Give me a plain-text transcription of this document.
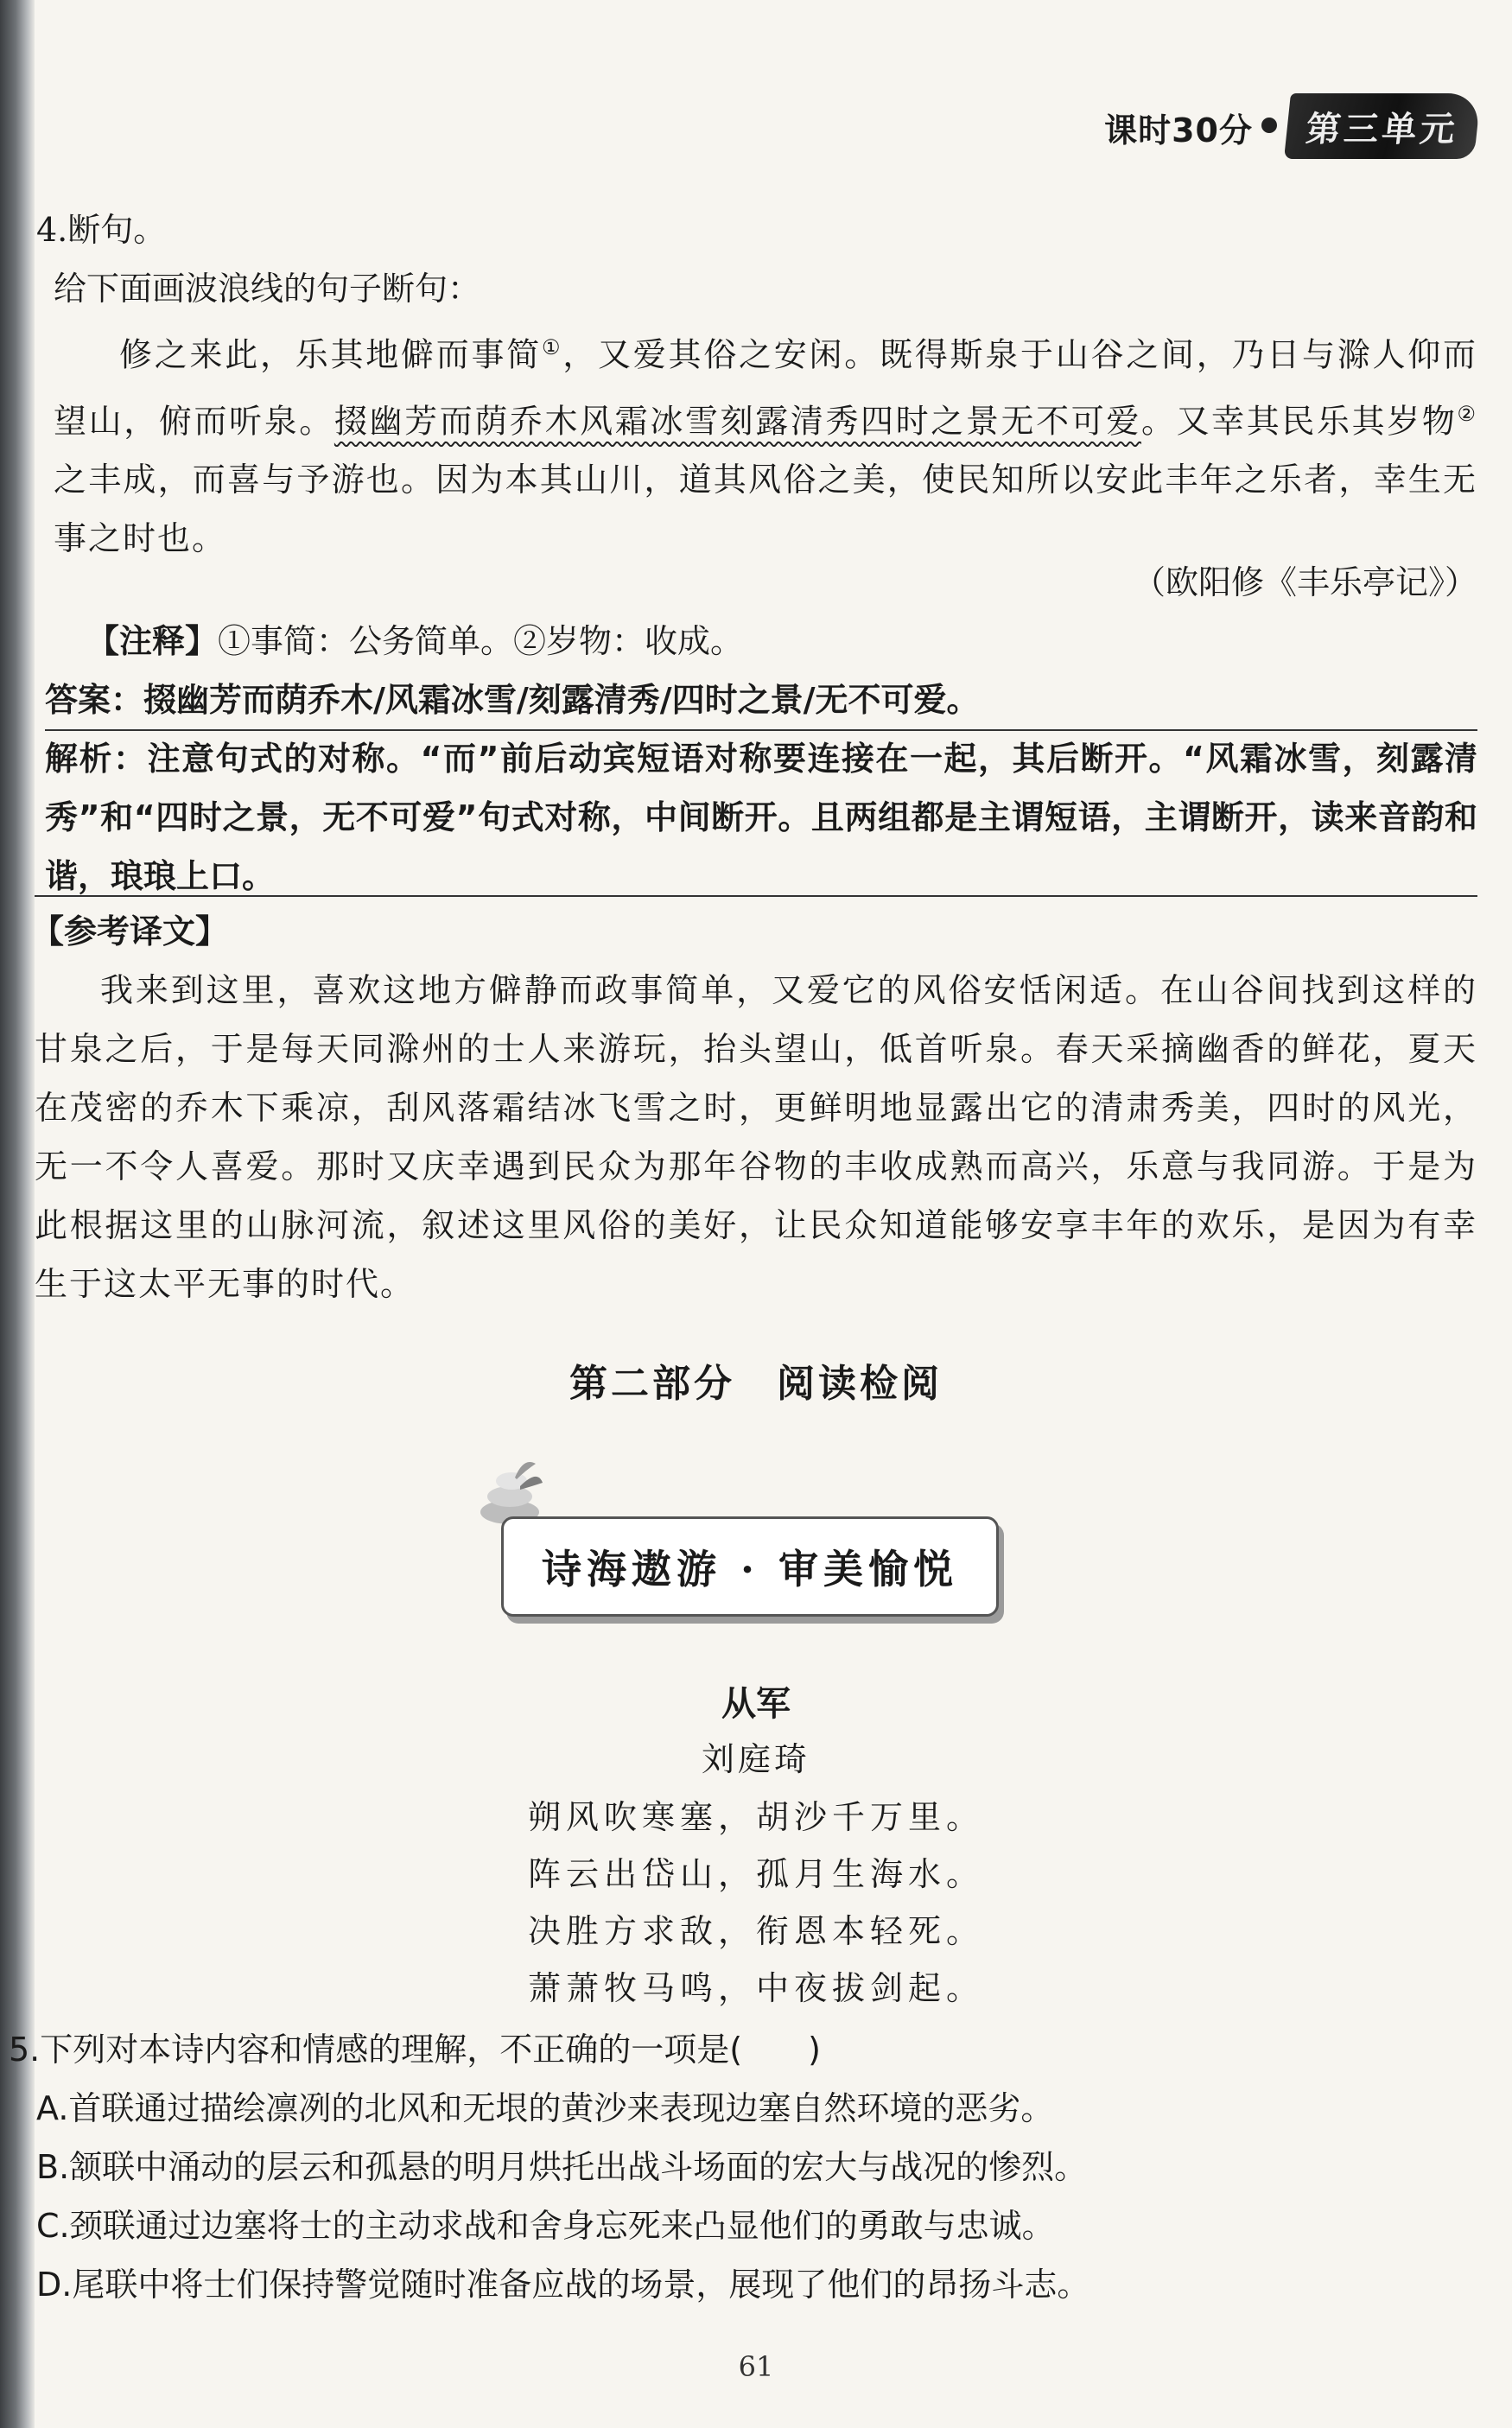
课时30分	第三单元
4.断句。
给下面画波浪线的句子断句：
修之来此，乐其地僻而事简①，又爱其俗之安闲。既得斯泉于山谷之间，乃日与滁人仰而望山，俯而听泉。掇幽芳而荫乔木风霜冰雪刻露清秀四时之景无不可爱。又幸其民乐其岁物②之丰成，而喜与予游也。因为本其山川，道其风俗之美，使民知所以安此丰年之乐者，幸生无事之时也。
（欧阳修《丰乐亭记》）
【注释】①事简：公务简单。②岁物：收成。
答案：掇幽芳而荫乔木/风霜冰雪/刻露清秀/四时之景/无不可爱。
解析：注意句式的对称。“而”前后动宾短语对称要连接在一起，其后断开。“风霜冰雪，刻露清秀”和“四时之景，无不可爱”句式对称，中间断开。且两组都是主谓短语，主谓断开，读来音韵和谐，琅琅上口。
【参考译文】
我来到这里，喜欢这地方僻静而政事简单，又爱它的风俗安恬闲适。在山谷间找到这样的甘泉之后，于是每天同滁州的士人来游玩，抬头望山，低首听泉。春天采摘幽香的鲜花，夏天在茂密的乔木下乘凉，刮风落霜结冰飞雪之时，更鲜明地显露出它的清肃秀美，四时的风光，无一不令人喜爱。那时又庆幸遇到民众为那年谷物的丰收成熟而高兴，乐意与我同游。于是为此根据这里的山脉河流，叙述这里风俗的美好，让民众知道能够安享丰年的欢乐，是因为有幸生于这太平无事的时代。
第二部分　阅读检阅
诗海遨游 · 审美愉悦
从军
刘庭琦
朔风吹寒塞，胡沙千万里。
阵云出岱山，孤月生海水。
决胜方求敌，衔恩本轻死。
萧萧牧马鸣，中夜拔剑起。
5.下列对本诗内容和情感的理解，不正确的一项是(　　)
A.首联通过描绘凛冽的北风和无垠的黄沙来表现边塞自然环境的恶劣。
B.颔联中涌动的层云和孤悬的明月烘托出战斗场面的宏大与战况的惨烈。
C.颈联通过边塞将士的主动求战和舍身忘死来凸显他们的勇敢与忠诚。
D.尾联中将士们保持警觉随时准备应战的场景，展现了他们的昂扬斗志。
61
